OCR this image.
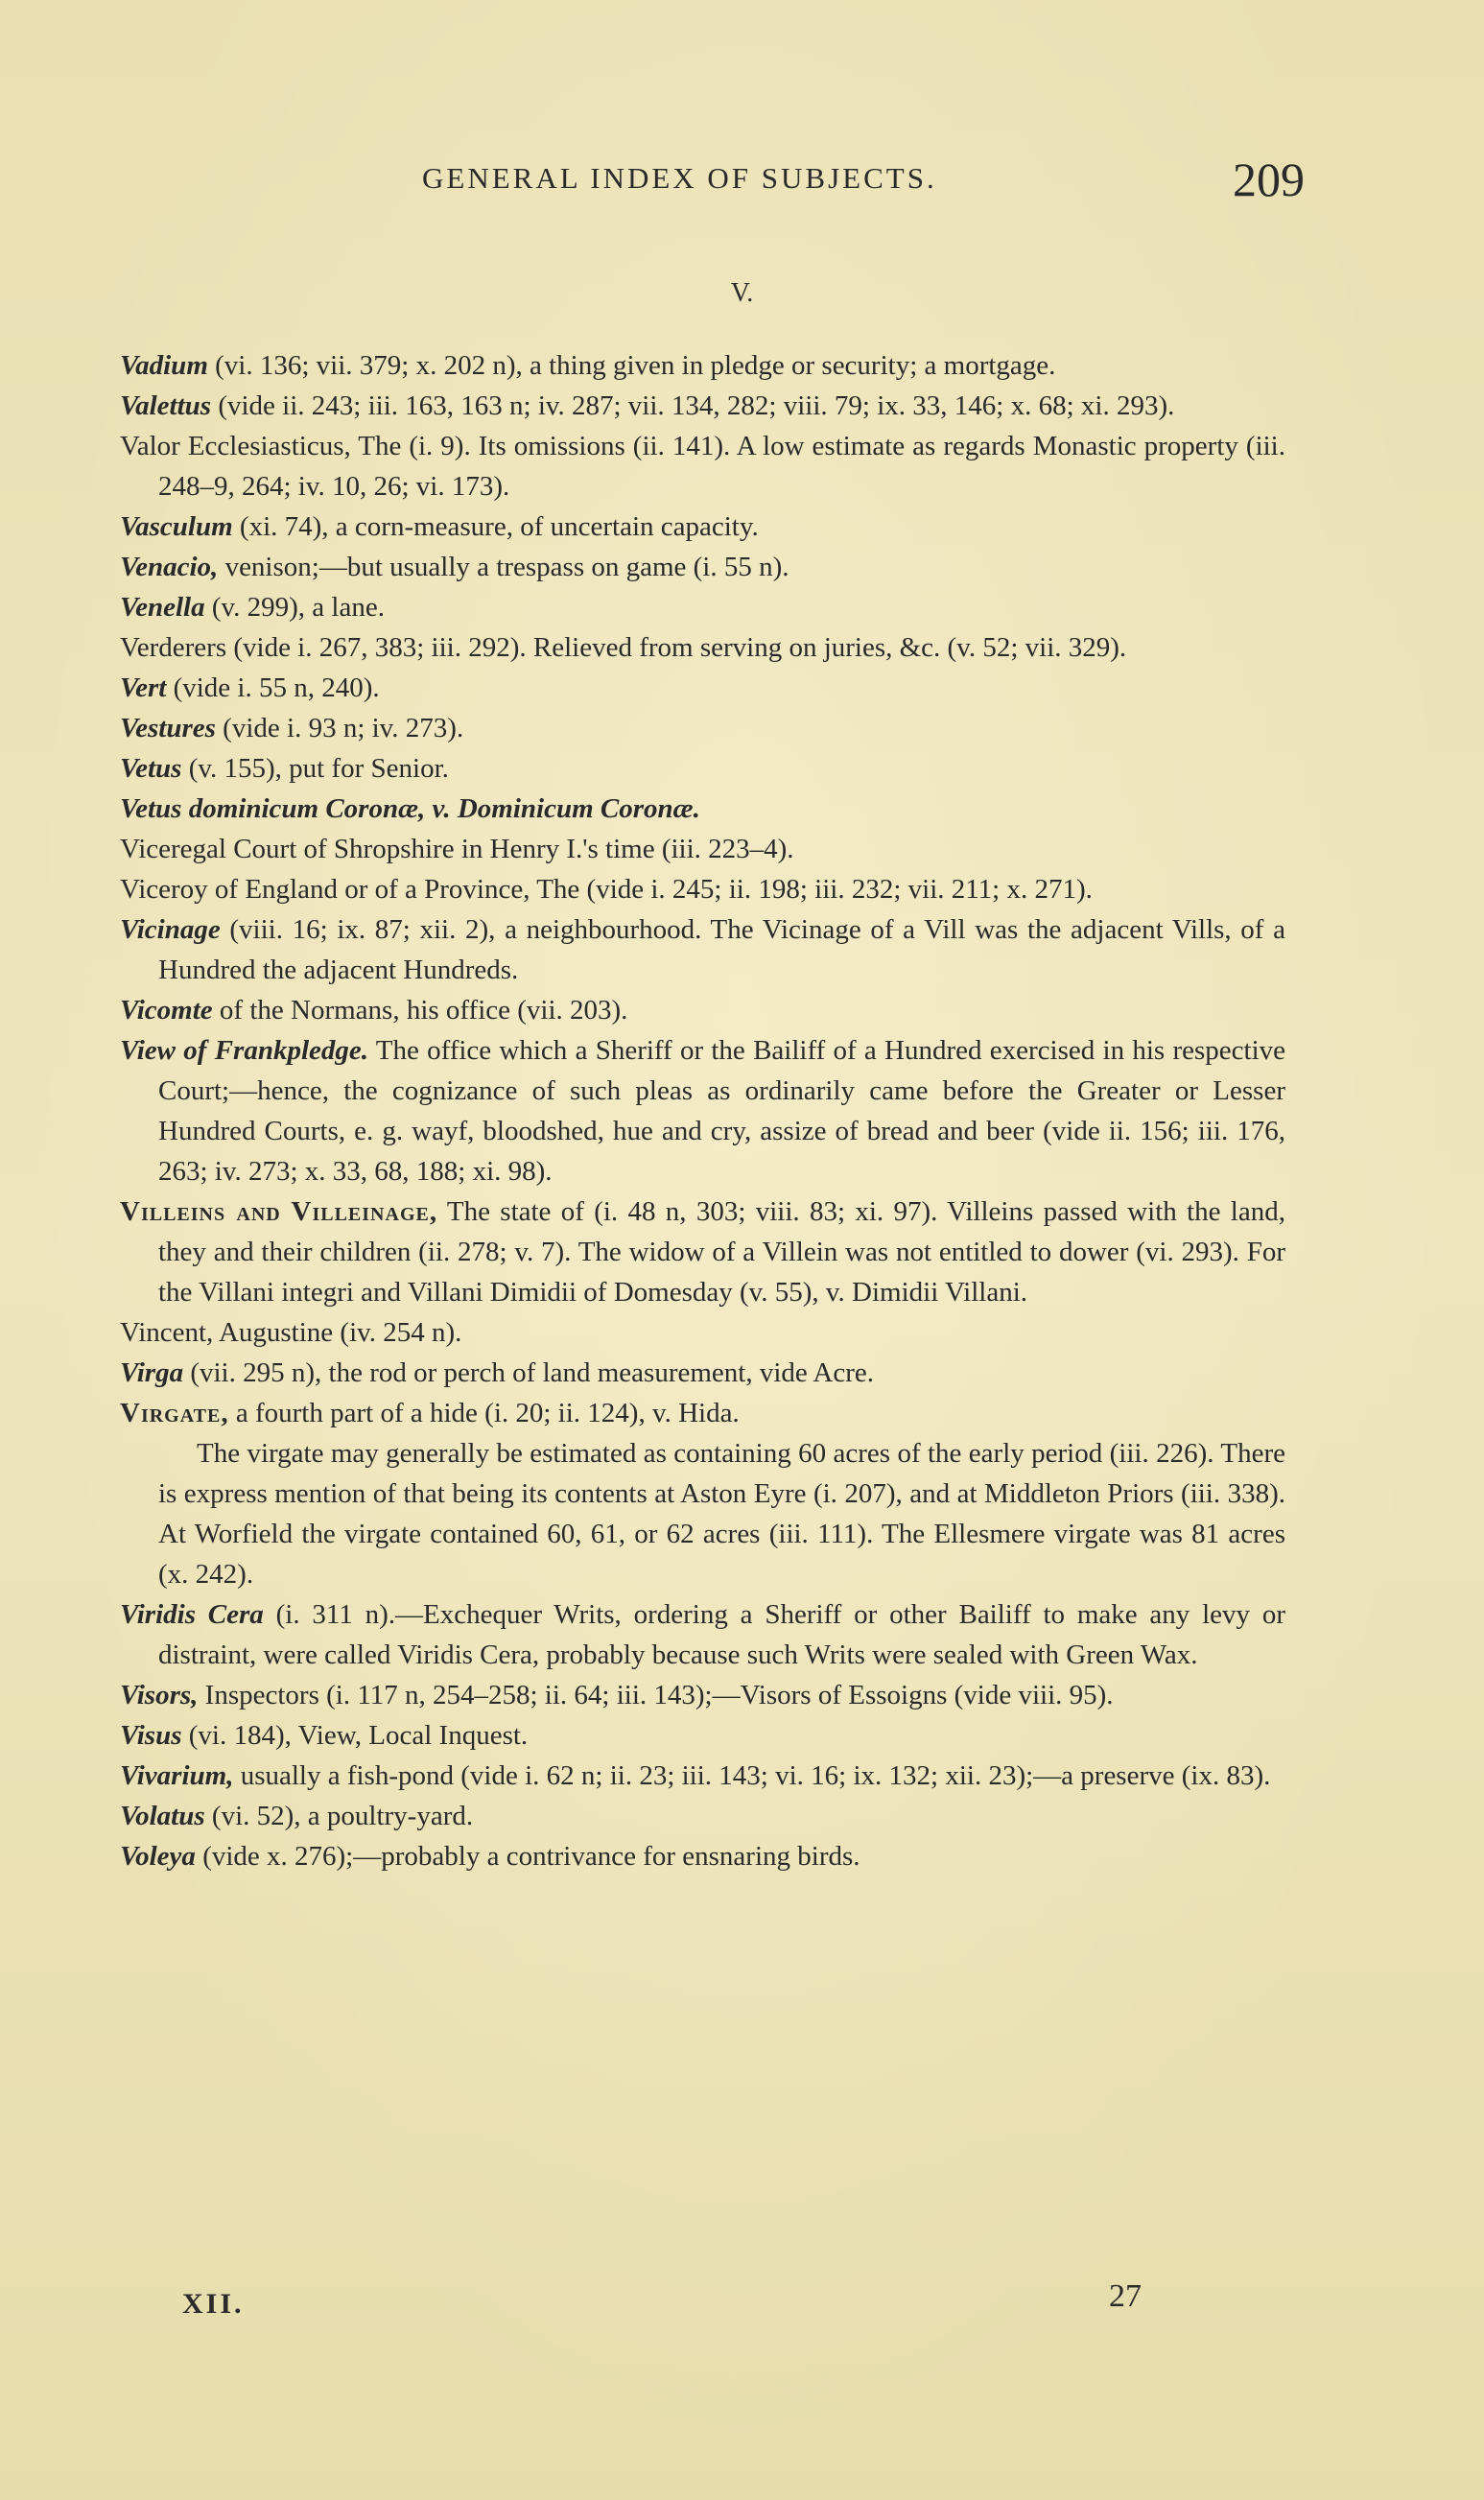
GENERAL INDEX OF SUBJECTS.	209
V.
Vadium (vi. 136; vii. 379; x. 202 n), a thing given in pledge or security; a mortgage.
Valettus (vide ii. 243; iii. 163, 163 n; iv. 287; vii. 134, 282; viii. 79; ix. 33, 146; x. 68; xi. 293).
Valor Ecclesiasticus, The (i. 9). Its omissions (ii. 141). A low estimate as regards Monastic property (iii. 248–9, 264; iv. 10, 26; vi. 173).
Vasculum (xi. 74), a corn-measure, of uncertain capacity.
Venacio, venison;—but usually a trespass on game (i. 55 n).
Venella (v. 299), a lane.
Verderers (vide i. 267, 383; iii. 292). Relieved from serving on juries, &c. (v. 52; vii. 329).
Vert (vide i. 55 n, 240).
Vestures (vide i. 93 n; iv. 273).
Vetus (v. 155), put for Senior.
Vetus dominicum Coronæ, v. Dominicum Coronæ.
Viceregal Court of Shropshire in Henry I.'s time (iii. 223–4).
Viceroy of England or of a Province, The (vide i. 245; ii. 198; iii. 232; vii. 211; x. 271).
Vicinage (viii. 16; ix. 87; xii. 2), a neighbourhood. The Vicinage of a Vill was the adjacent Vills, of a Hundred the adjacent Hundreds.
Vicomte of the Normans, his office (vii. 203).
View of Frankpledge. The office which a Sheriff or the Bailiff of a Hundred exercised in his respective Court;—hence, the cognizance of such pleas as ordinarily came before the Greater or Lesser Hundred Courts, e. g. wayf, bloodshed, hue and cry, assize of bread and beer (vide ii. 156; iii. 176, 263; iv. 273; x. 33, 68, 188; xi. 98).
Villeins and Villeinage, The state of (i. 48 n, 303; viii. 83; xi. 97). Villeins passed with the land, they and their children (ii. 278; v. 7). The widow of a Villein was not entitled to dower (vi. 293). For the Villani integri and Villani Dimidii of Domesday (v. 55), v. Dimidii Villani.
Vincent, Augustine (iv. 254 n).
Virga (vii. 295 n), the rod or perch of land measurement, vide Acre.
Virgate, a fourth part of a hide (i. 20; ii. 124), v. Hida.
The virgate may generally be estimated as containing 60 acres of the early period (iii. 226). There is express mention of that being its contents at Aston Eyre (i. 207), and at Middleton Priors (iii. 338). At Worfield the virgate contained 60, 61, or 62 acres (iii. 111). The Ellesmere virgate was 81 acres (x. 242).
Viridis Cera (i. 311 n).—Exchequer Writs, ordering a Sheriff or other Bailiff to make any levy or distraint, were called Viridis Cera, probably because such Writs were sealed with Green Wax.
Visors, Inspectors (i. 117 n, 254–258; ii. 64; iii. 143);—Visors of Essoigns (vide viii. 95).
Visus (vi. 184), View, Local Inquest.
Vivarium, usually a fish-pond (vide i. 62 n; ii. 23; iii. 143; vi. 16; ix. 132; xii. 23);—a preserve (ix. 83).
Volatus (vi. 52), a poultry-yard.
Voleya (vide x. 276);—probably a contrivance for ensnaring birds.
XII.	27
